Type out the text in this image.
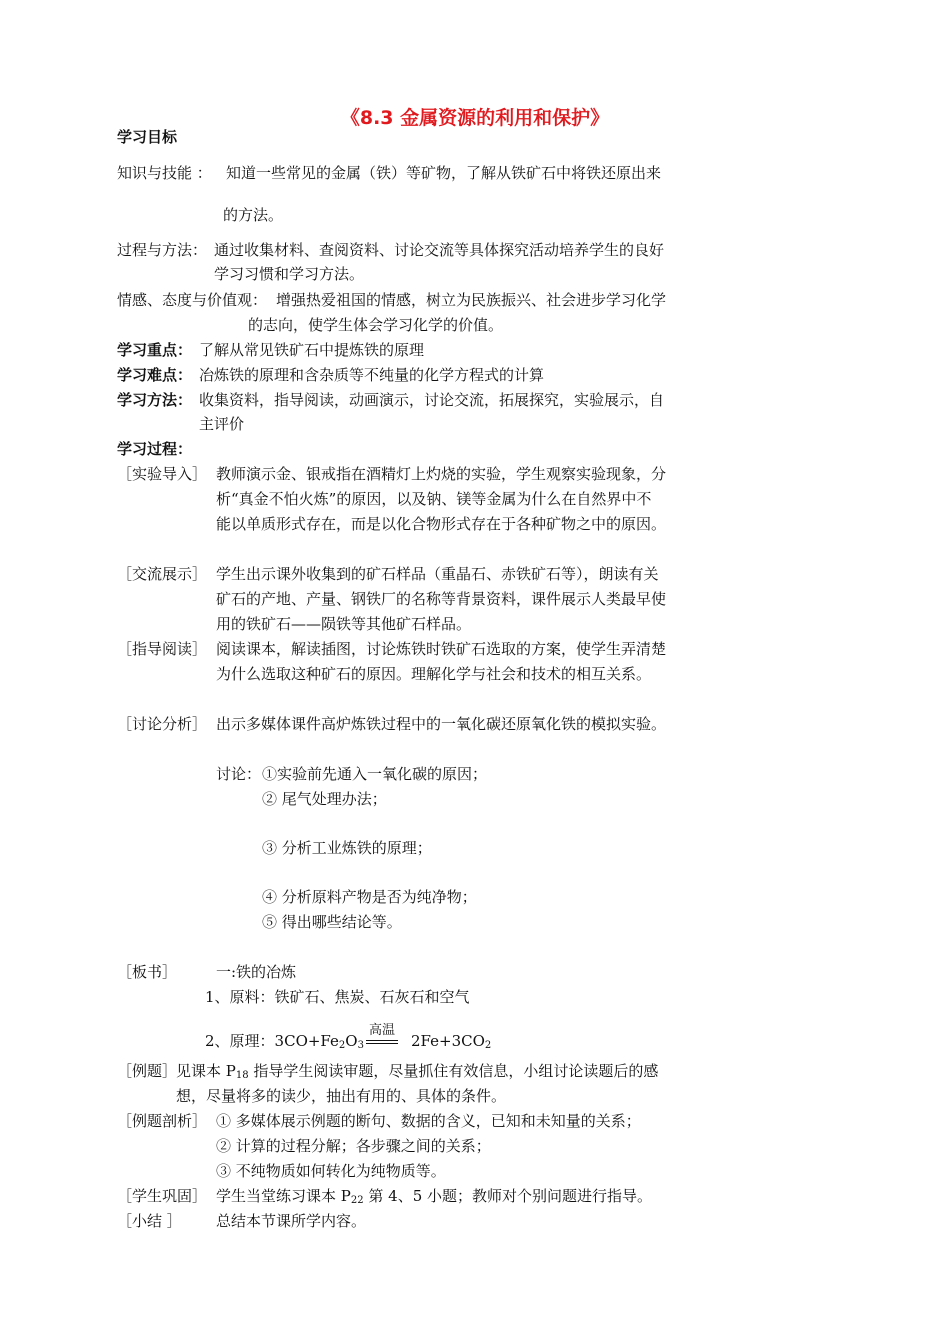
《8.3 金属资源的利用和保护》
学习目标
知识与技能 ： 知道一些常见的金属（铁）等矿物，了解从铁矿石中将铁还原出来
的方法。
过程与方法： 通过收集材料、查阅资料、讨论交流等具体探究活动培养学生的良好
学习习惯和学习方法。
情感、态度与价值观： 增强热爱祖国的情感，树立为民族振兴、社会进步学习化学
的志向，使学生体会学习化学的价值。
学习重点： 了解从常见铁矿石中提炼铁的原理
学习难点： 冶炼铁的原理和含杂质等不纯量的化学方程式的计算
学习方法： 收集资料，指导阅读，动画演示，讨论交流，拓展探究，实验展示，自
主评价
学习过程：
［实验导入］ 教师演示金、银戒指在酒精灯上灼烧的实验，学生观察实验现象，分
析“真金不怕火炼”的原因，以及钠、镁等金属为什么在自然界中不
能以单质形式存在，而是以化合物形式存在于各种矿物之中的原因。
［交流展示］ 学生出示课外收集到的矿石样品（重晶石、赤铁矿石等），朗读有关
矿石的产地、产量、钢铁厂的名称等背景资料，课件展示人类最早使
用的铁矿石——陨铁等其他矿石样品。
［指导阅读］ 阅读课本，解读插图，讨论炼铁时铁矿石选取的方案，使学生弄清楚
为什么选取这种矿石的原因。理解化学与社会和技术的相互关系。
［讨论分析］ 出示多媒体课件高炉炼铁过程中的一氧化碳还原氧化铁的模拟实验。
讨论： ①实验前先通入一氧化碳的原因；
② 尾气处理办法；
③ 分析工业炼铁的原理；
④ 分析原料产物是否为纯净物；
⑤ 得出哪些结论等。
［板书］	一:铁的冶炼
1、原料：铁矿石、焦炭、石灰石和空气
2、原理：$3CO+Fe_2O_3$
高温
$2Fe+3CO_2$
［例题］
见课本 $P_{18}$ 指导学生阅读审题，尽量抓住有效信息，小组讨论读题后的感
想，尽量将多的读少，抽出有用的、具体的条件。
［例题剖析］ ① 多媒体展示例题的断句、数据的含义，已知和未知量的关系；
② 计算的过程分解；各步骤之间的关系；
③ 不纯物质如何转化为纯物质等。
［学生巩固］ 学生当堂练习课本 $P_{22}$ 第 4、5 小题；教师对个别问题进行指导。
［小结 ］ 总结本节课所学内容。
